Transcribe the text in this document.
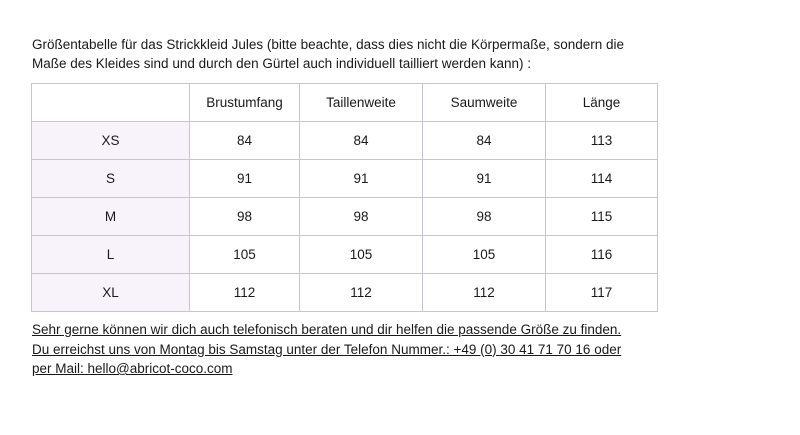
Größentabelle für das Strickkleid Jules (bitte beachte, dass dies nicht die Körpermaße, sondern die
Maße des Kleides sind und durch den Gürtel auch individuell tailliert werden kann) :

	Brustumfang	Taillenweite	Saumweite	Länge
XS	84	84	84	113
S	91	91	91	114
M	98	98	98	115
L	105	105	105	116
XL	112	112	112	117

Sehr gerne können wir dich auch telefonisch beraten und dir helfen die passende Größe zu finden.
Du erreichst uns von Montag bis Samstag unter der Telefon Nummer.: +49 (0) 30 41 71 70 16 oder
per Mail: hello@abricot-coco.com
